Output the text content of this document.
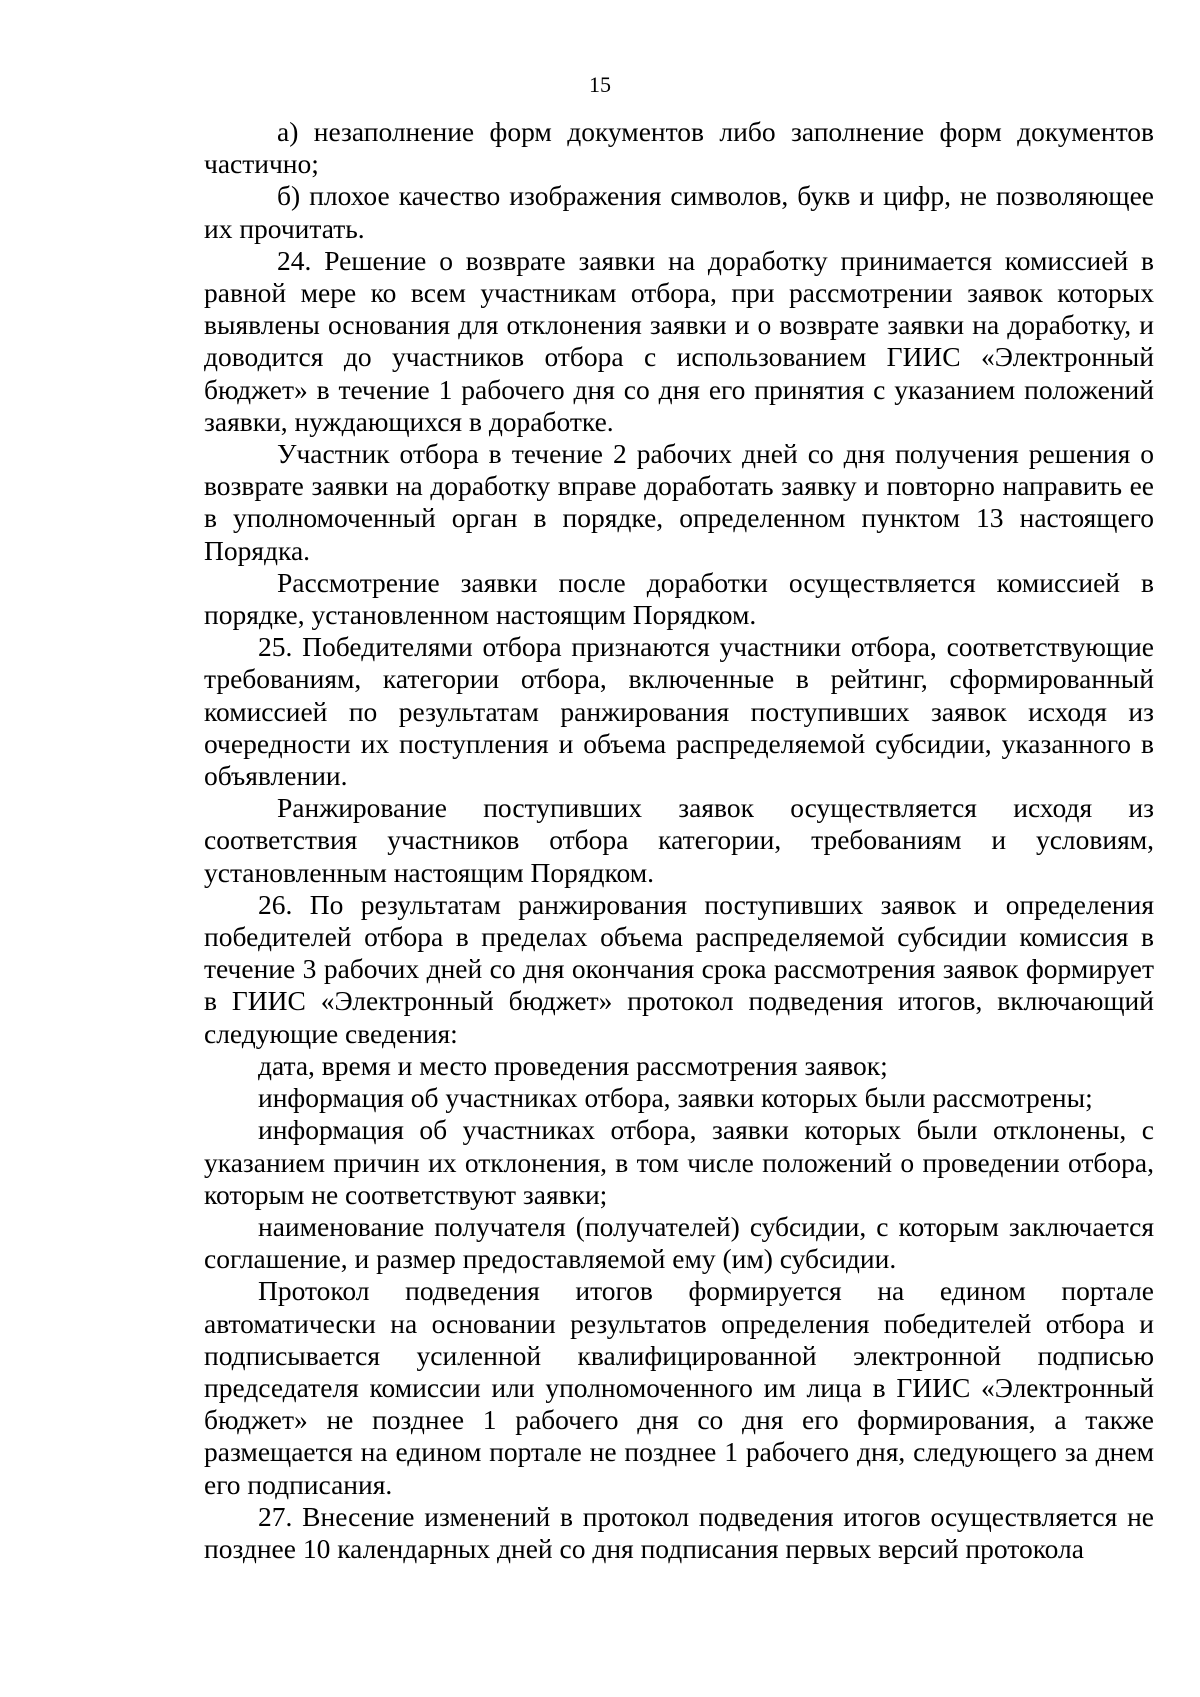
15

а) незаполнение форм документов либо заполнение форм документов частично;

б) плохое качество изображения символов, букв и цифр, не позволяющее их прочитать.

24. Решение о возврате заявки на доработку принимается комиссией в равной мере ко всем участникам отбора, при рассмотрении заявок которых выявлены основания для отклонения заявки и о возврате заявки на доработку, и доводится до участников отбора с использованием ГИИС «Электронный бюджет» в течение 1 рабочего дня со дня его принятия с указанием положений заявки, нуждающихся в доработке.

Участник отбора в течение 2 рабочих дней со дня получения решения о возврате заявки на доработку вправе доработать заявку и повторно направить ее в уполномоченный орган в порядке, определенном пунктом 13 настоящего Порядка.

Рассмотрение заявки после доработки осуществляется комиссией в порядке, установленном настоящим Порядком.

25. Победителями отбора признаются участники отбора, соответствующие требованиям, категории отбора, включенные в рейтинг, сформированный комиссией по результатам ранжирования поступивших заявок исходя из очередности их поступления и объема распределяемой субсидии, указанного в объявлении.

Ранжирование поступивших заявок осуществляется исходя из соответствия участников отбора категории, требованиям и условиям, установленным настоящим Порядком.

26. По результатам ранжирования поступивших заявок и определения победителей отбора в пределах объема распределяемой субсидии комиссия в течение 3 рабочих дней со дня окончания срока рассмотрения заявок формирует в ГИИС «Электронный бюджет» протокол подведения итогов, включающий следующие сведения:

дата, время и место проведения рассмотрения заявок;

информация об участниках отбора, заявки которых были рассмотрены;

информация об участниках отбора, заявки которых были отклонены, с указанием причин их отклонения, в том числе положений о проведении отбора, которым не соответствуют заявки;

наименование получателя (получателей) субсидии, с которым заключается соглашение, и размер предоставляемой ему (им) субсидии.

Протокол подведения итогов формируется на едином портале автоматически на основании результатов определения победителей отбора и подписывается усиленной квалифицированной электронной подписью председателя комиссии или уполномоченного им лица в ГИИС «Электронный бюджет» не позднее 1 рабочего дня со дня его формирования, а также размещается на едином портале не позднее 1 рабочего дня, следующего за днем его подписания.

27. Внесение изменений в протокол подведения итогов осуществляется не позднее 10 календарных дней со дня подписания первых версий протокола
